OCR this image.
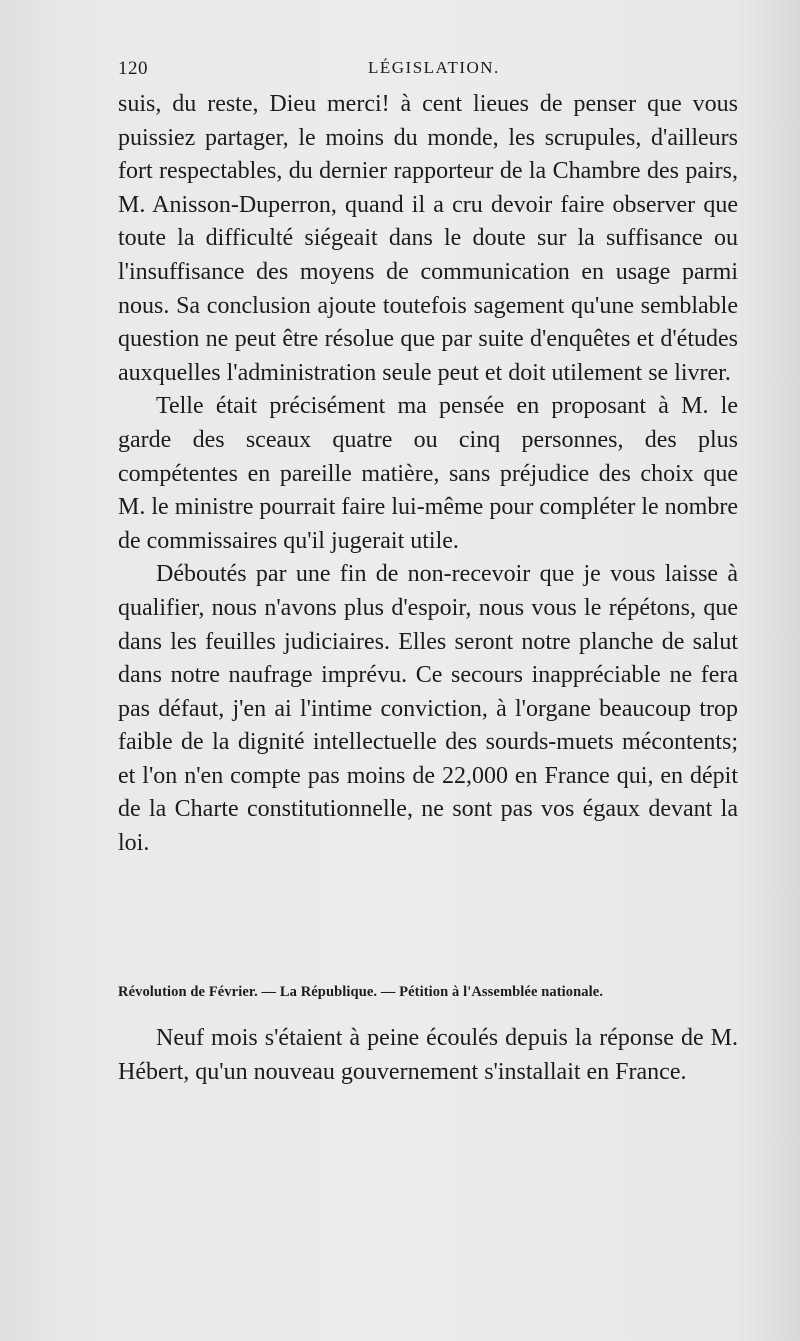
120	LÉGISLATION.

suis, du reste, Dieu merci! à cent lieues de penser que vous puissiez partager, le moins du monde, les scrupules, d'ailleurs fort respectables, du dernier rapporteur de la Chambre des pairs, M. Anisson-Duperron, quand il a cru devoir faire observer que toute la difficulté siégeait dans le doute sur la suffisance ou l'insuffisance des moyens de communication en usage parmi nous. Sa conclusion ajoute toutefois sagement qu'une semblable question ne peut être résolue que par suite d'enquêtes et d'études auxquelles l'administration seule peut et doit utilement se livrer.

Telle était précisément ma pensée en proposant à M. le garde des sceaux quatre ou cinq personnes, des plus compétentes en pareille matière, sans préjudice des choix que M. le ministre pourrait faire lui-même pour compléter le nombre de commissaires qu'il jugerait utile.

Déboutés par une fin de non-recevoir que je vous laisse à qualifier, nous n'avons plus d'espoir, nous vous le répétons, que dans les feuilles judiciaires. Elles seront notre planche de salut dans notre naufrage imprévu. Ce secours inappréciable ne fera pas défaut, j'en ai l'intime conviction, à l'organe beaucoup trop faible de la dignité intellectuelle des sourds-muets mécontents; et l'on n'en compte pas moins de 22,000 en France qui, en dépit de la Charte constitutionnelle, ne sont pas vos égaux devant la loi.

Révolution de Février. — La République. — Pétition à l'Assemblée nationale.

Neuf mois s'étaient à peine écoulés depuis la réponse de M. Hébert, qu'un nouveau gouvernement s'installait en France.
